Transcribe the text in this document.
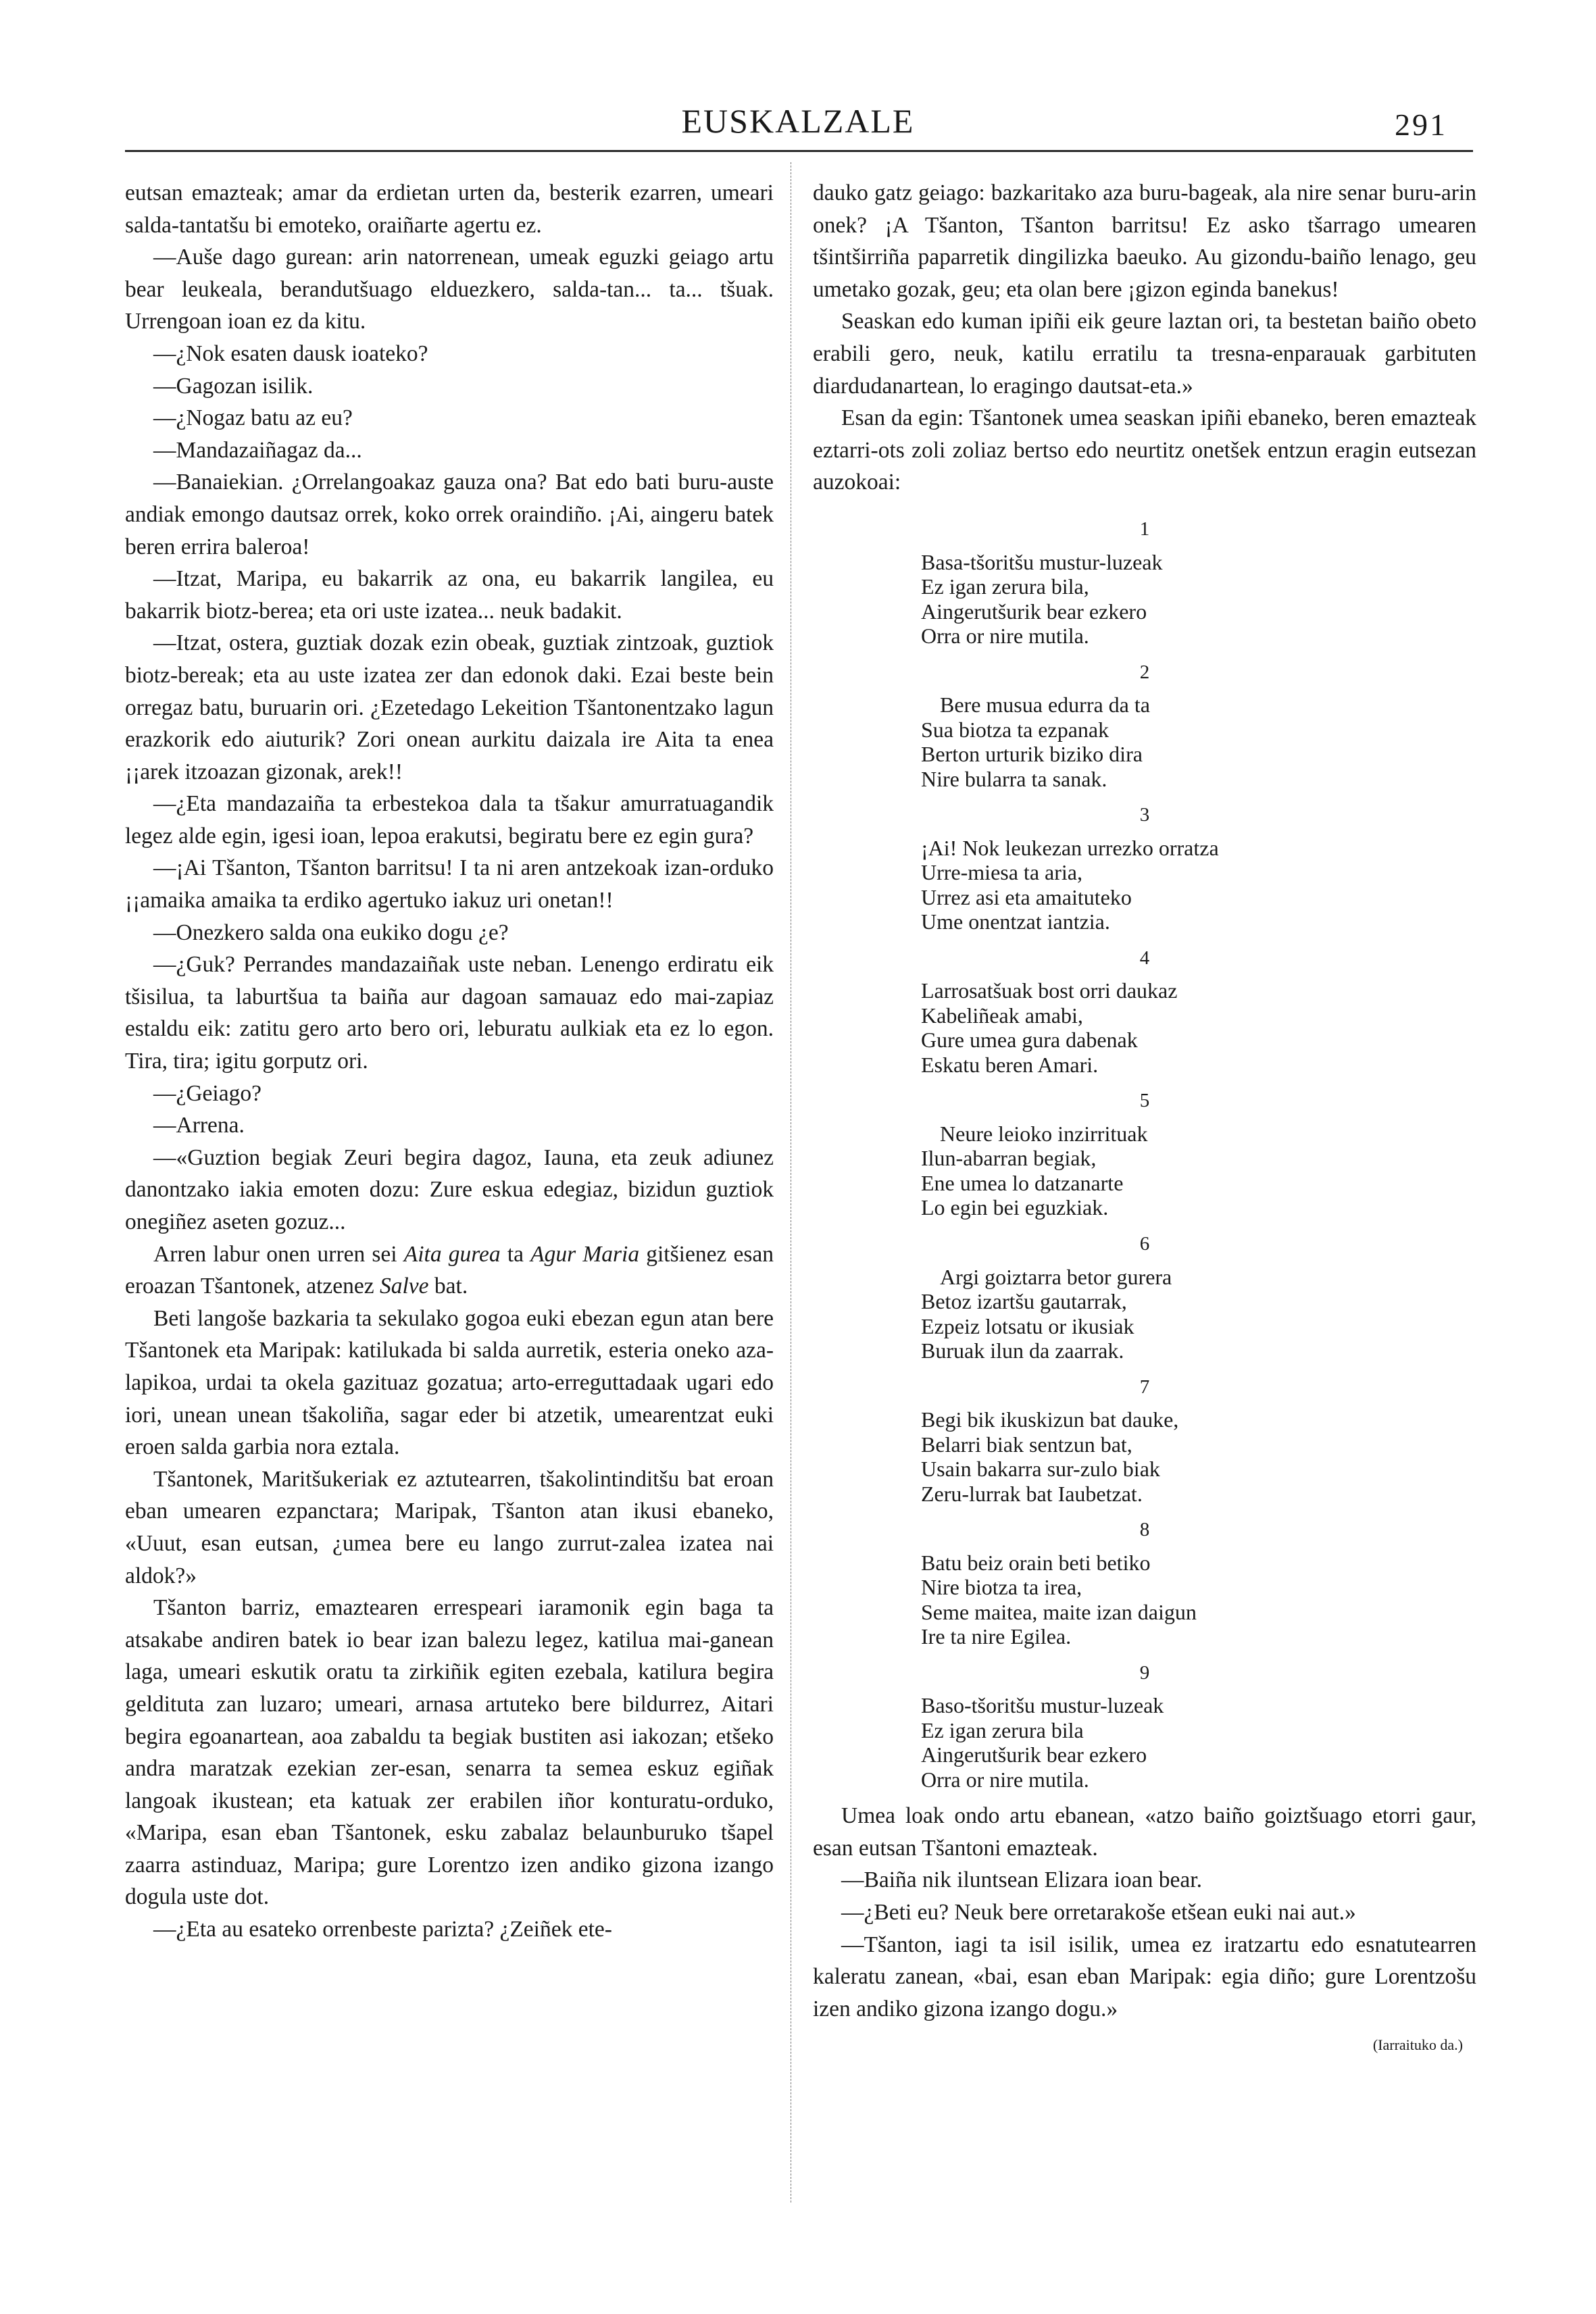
EUSKALZALE	291

eutsan emazteak; amar da erdietan urten da, besterik ezarren, umeari salda-tantatšu bi emoteko, oraiñarte agertu ez.

—Auše dago gurean: arin natorrenean, umeak eguzki geiago artu bear leukeala, berandutšuago elduezkero, salda-tan... ta... tšuak. Urrengoan ioan ez da kitu.

—¿Nok esaten dausk ioateko?

—Gagozan isilik.

—¿Nogaz batu az eu?

—Mandazaiñagaz da...

—Banaiekian. ¿Orrelangoakaz gauza ona? Bat edo bati buru-auste andiak emongo dautsaz orrek, koko orrek oraindiño. ¡Ai, aingeru batek beren errira baleroa!

—Itzat, Maripa, eu bakarrik az ona, eu bakarrik langilea, eu bakarrik biotz-berea; eta ori uste izatea... neuk badakit.

—Itzat, ostera, guztiak dozak ezin obeak, guztiak zintzoak, guztiok biotz-bereak; eta au uste izatea zer dan edonok daki. Ezai beste bein orregaz batu, buruarin ori. ¿Ezetedago Lekeition Tšantonentzako lagun erazkorik edo aiuturik? Zori onean aurkitu daizala ire Aita ta enea ¡¡arek itzoazan gizonak, arek!!

—¿Eta mandazaiña ta erbestekoa dala ta tšakur amurratuagandik legez alde egin, igesi ioan, lepoa erakutsi, begiratu bere ez egin gura?

—¡Ai Tšanton, Tšanton barritsu! I ta ni aren antzekoak izan-orduko ¡¡amaika amaika ta erdiko agertuko iakuz uri onetan!!

—Onezkero salda ona eukiko dogu ¿e?

—¿Guk? Perrandes mandazaiñak uste neban. Lenengo erdiratu eik tšisilua, ta laburtšua ta baiña aur dagoan samauaz edo mai-zapiaz estaldu eik: zatitu gero arto bero ori, leburatu aulkiak eta ez lo egon. Tira, tira; igitu gorputz ori.

—¿Geiago?

—Arrena.

—«Guztion begiak Zeuri begira dagoz, Iauna, eta zeuk adiunez danontzako iakia emoten dozu: Zure eskua edegiaz, bizidun guztiok onegiñez aseten gozuz...

Arren labur onen urren sei Aita gurea ta Agur Maria gitšienez esan eroazan Tšantonek, atzenez Salve bat.

Beti langoše bazkaria ta sekulako gogoa euki ebezan egun atan bere Tšantonek eta Maripak: katilukada bi salda aurretik, esteria oneko aza-lapikoa, urdai ta okela gazituaz gozatua; arto-erreguttadaak ugari edo iori, unean unean tšakoliña, sagar eder bi atzetik, umearentzat euki eroen salda garbia nora eztala.

Tšantonek, Maritšukeriak ez aztutearren, tšakolintinditšu bat eroan eban umearen ezpanctara; Maripak, Tšanton atan ikusi ebaneko, «Uuut, esan eutsan, ¿umea bere eu lango zurrut-zalea izatea nai aldok?»

Tšanton barriz, emaztearen errespeari iaramonik egin baga ta atsakabe andiren batek io bear izan balezu legez, katilua mai-ganean laga, umeari eskutik oratu ta zirkiñik egiten ezebala, katilura begira geldituta zan luzaro; umeari, arnasa artuteko bere bildurrez, Aitari begira egoanartean, aoa zabaldu ta begiak bustiten asi iakozan; etšeko andra maratzak ezekian zer-esan, senarra ta semea eskuz egiñak langoak ikustean; eta katuak zer erabilen iñor konturatu-orduko, «Maripa, esan eban Tšantonek, esku zabalaz belaunburuko tšapel zaarra astinduaz, Maripa; gure Lorentzo izen andiko gizona izango dogula uste dot.

—¿Eta au esateko orrenbeste parizta? ¿Zeiñek ete-

dauko gatz geiago: bazkaritako aza buru-bageak, ala nire senar buru-arin onek? ¡A Tšanton, Tšanton barritsu! Ez asko tšarrago umearen tšintširriña paparretik dingilizka baeuko. Au gizondu-baiño lenago, geu umetako gozak, geu; eta olan bere ¡gizon eginda banekus!

Seaskan edo kuman ipiñi eik geure laztan ori, ta bestetan baiño obeto erabili gero, neuk, katilu erratilu ta tresna-enparauak garbituten diardudanartean, lo eragingo dautsat-eta.»

Esan da egin: Tšantonek umea seaskan ipiñi ebaneko, beren emazteak eztarri-ots zoli zoliaz bertso edo neurtitz onetšek entzun eragin eutsezan auzokoai:

1
Basa-tšoritšu mustur-luzeak
Ez igan zerura bila,
Aingerutšurik bear ezkero
Orra or nire mutila.
2
Bere musua edurra da ta
Sua biotza ta ezpanak
Berton urturik biziko dira
Nire bularra ta sanak.
3
¡Ai! Nok leukezan urrezko orratza
Urre-miesa ta aria,
Urrez asi eta amaituteko
Ume onentzat iantzia.
4
Larrosatšuak bost orri daukaz
Kabeliñeak amabi,
Gure umea gura dabenak
Eskatu beren Amari.
5
Neure leioko inzirrituak
Ilun-abarran begiak,
Ene umea lo datzanarte
Lo egin bei eguzkiak.
6
Argi goiztarra betor gurera
Betoz izartšu gautarrak,
Ezpeiz lotsatu or ikusiak
Buruak ilun da zaarrak.
7
Begi bik ikuskizun bat dauke,
Belarri biak sentzun bat,
Usain bakarra sur-zulo biak
Zeru-lurrak bat Iaubetzat.
8
Batu beiz orain beti betiko
Nire biotza ta irea,
Seme maitea, maite izan daigun
Ire ta nire Egilea.
9
Baso-tšoritšu mustur-luzeak
Ez igan zerura bila
Aingerutšurik bear ezkero
Orra or nire mutila.

Umea loak ondo artu ebanean, «atzo baiño goiztšuago etorri gaur, esan eutsan Tšantoni emazteak.

—Baiña nik iluntsean Elizara ioan bear.

—¿Beti eu? Neuk bere orretarakoše etšean euki nai aut.»

—Tšanton, iagi ta isil isilik, umea ez iratzartu edo esnatutearren kaleratu zanean, «bai, esan eban Maripak: egia diño; gure Lorentzošu izen andiko gizona izango dogu.»

(Iarraituko da.)
